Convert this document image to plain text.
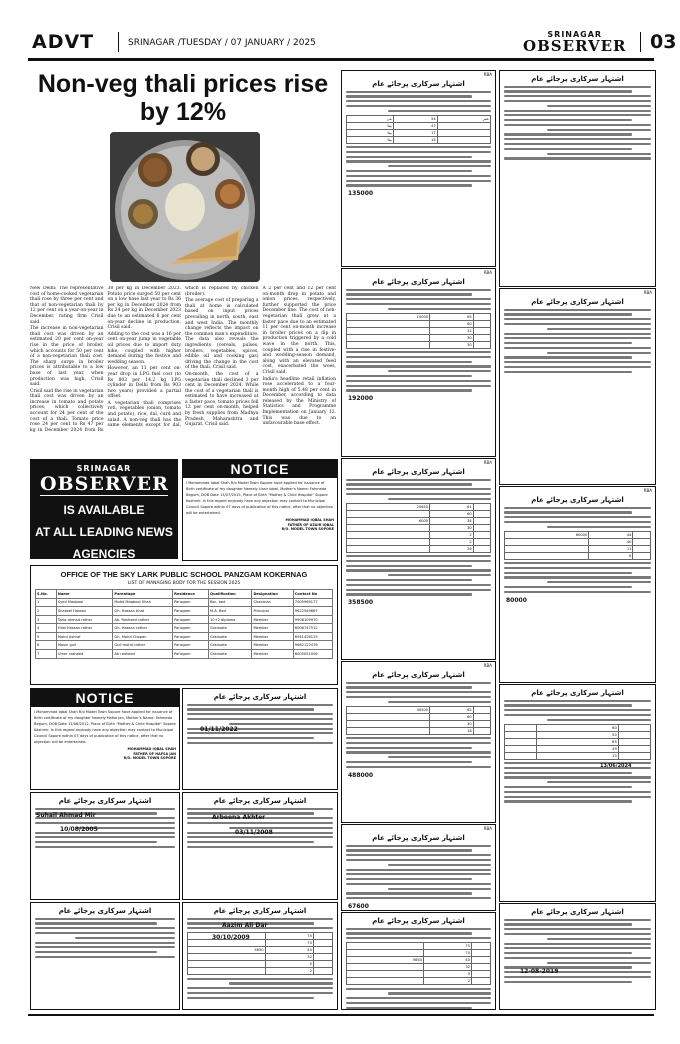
ADVT	SRINAGAR /TUESDAY / 07 JANUARY / 2025
SRINAGAR
OBSERVER 03
Non-veg thali prices rise by 12%

New Delhi: The representative cost of home-cooked vegetarian thali rose by three per cent and that of non-vegetarian thali by 12 per cent on a year-on-year in December, rating firm Crisil said.

The increase in non-vegetarian thali cost was driven by an estimated 20 per cent on-year rise in the price of broiler, which accounts for 50 per cent of a non-vegetarian thali cost. The sharp surge in broiler prices is attributable to a low base of last year, when production was high, Crisil said.

Crisil said the rise in vegetarian thali cost was driven by an increase in tomato and potato prices, which collectively account for 24 per cent of the cost of a thali. Tomato price rose 24 per cent to Rs 47 per kg in December 2024 from Rs 38 per kg in December 2023. Potato price surged 50 per cent on a low base last year to Rs 36 per kg in December 2024 from Rs 24 per kg in December 2023 due to an estimated 6 per cent on-year decline in production, Crisil said.

Adding to the cost was a 16 per cent on-year jump in vegetable oil prices due to import duty hike, coupled with higher demand during the festive and wedding season.

However, an 11 per cent on-year drop in LPG fuel cost (to Rs 803 per 14.2 kg LPG cylinder in Delhi from Rs 903 two years) provided a partial offset.

A vegetarian thali comprises roti, vegetables (onion, tomato and potato), rice, dal, curd and salad. A non-veg thali has the same elements except for dal, which is replaced by chicken (broiler).

The average cost of preparing a thali at home is calculated based on input prices prevailing in north, south, east and west India. The monthly change reflects the impact on the common man's expenditure. The data also reveals the ingredients (cereals, pulses, broilers, vegetables, spices, edible oil and cooking gas) driving the change in the cost of the thali, Crisil said.

On-month, the cost of a vegetarian thali declined 3 per cent in December 2024. While the cost of a vegetarian thali is estimated to have increased at a faster pace, tomato prices fell 12 per cent on-month, helped by fresh supplies from Madhya Pradesh, Maharashtra and Gujarat, Crisil said.

A 2 per cent and 12 per cent on-month drop in potato and onion prices, respectively, further supported the price December line. The cost of non-vegetarian thali grew at a faster pace due to an estimated 11 per cent on-month increase in broiler prices on a dip in production triggered by a cold wave in the north. This, coupled with a rise in festive- and wedding-season demand, along with an elevated feed cost, exacerbated the woes, Crisil said.

India's headline retail inflation rose accelerated to a four-month high of 5.48 per cent in December, according to data released by the Ministry of Statistics and Programme Implementation on January 12. This was due to an unfavourable base effect.

SRINAGAR
OBSERVER
IS AVAILABLE
AT ALL LEADING NEWS
AGENCIES
NOTICE
I Mohammad Iqbal Shah R/o Model Town Sopore have applied for issuance of Birth certificate of my daughter Namely Uzair Iqbal, Mother's Name: Fahmeda Begum, DOB Date 13/07/2015, Place of Birth "Mother & Child Hospital" Sopore Kashmir. In this regard anybody have any objection may contact to Municipal Council Sopore within 07 days of publication of this notice, after that no objection will be entertained.
MOHAMMAD IQBAL SHAH
FATHER OF UZAIR IQBAL
R/O. MODEL TOWN SOPORE
OFFICE OF THE SKY LARK PUBLIC SCHOOL PANZGAM KOKERNAG
LIST OF MANAGING BODY FOR THE SESSION 2025
S.No.	Name	Parentage	Residence	Qualification	Designation	Contact No
1	Syed Maqbool	Mohd Maqbool Shah	Panzgam	Bsc, bed	Chairman	7005969177
2	Shakeel Hassan	Gh. Hassan bhat	Panzgam	M.A, Bed	Principal	9622549667
3	Tariq ahmad rather	Ab. Rasheed rather	Panzgam	10+2 diploma	Member	9906109970
4	Hilal Hassan rather	Gh. Hassan rather	Panzgam	Graduate	Member	6006747512
5	Mohd Ashraf	Gh. Mohd Chopan	Panzgam	Graduate	Member	6941426125
6	Mosin gull	Gull mohd rather	Panzgam	Graduate	Member	9682122476
7	Umer rasheed	Ab rasheed	Panzgam	Graduate	Member	6005051006
NOTICE
I Mohammad Iqbal Shah R/o Model Town Sopore have applied for issuance of Birth certificate of my daughter Namely Hafsa Jan, Mother's Name: Fahmeda Begum, DOB Date 11/06/2012, Place of Birth "Mother & Child Hospital" Sopore Kashmir. In this regard anybody have any objection may contact to Municipal Council Sopore within 07 days of publication of this notice, after that no objection will be entertained.
MOHAMMAD IQBAL SHAH
FATHER OF HAFSA JAN
R/O. MODEL TOWN SOPORE
RBA
اشتہار سرکاری پرجائے عام
بٹی	54	عمر
بیٹا	47	
بیٹا	17	
بیٹا	14	
135000
RBA
اشتہار سرکاری پرجائے عام
10000	65	
	60	
	32	
	30	
	30	
192000
RBA
اشتہار سرکاری پرجائے عام
20650	61	
	60	
6000	34	
	30	
	2	
	2	
	26	
358500
RBA
اشتہار سرکاری پرجائے عام
40500	62	
	60	
	30	
	18	
488000
RBA
اشتہار سرکاری پرجائے عام
67600
اشتہار سرکاری پرجائے عام
	75	
	70	
5650	40	
	32	
	5	
	2	
اشتہار سرکاری پرجائے عام
RBA
اشتہار سرکاری پرجائے عام
RBA
اشتہار سرکاری پرجائے عام
60000	44	
	40	
	11	
	8	
80000
اشتہار سرکاری پرجائے عام
	60	
	50	
	65	
	49	
	13	
اشتہار سرکاری پرجائے عام
اشتہار سرکاری پرجائے عام
اشتہار سرکاری پرجائے عام	اشتہار سرکاری پرجائے عام
اشتہار سرکاری پرجائے عام	اشتہار سرکاری پرجائے عام
	75	
	70	
5650	40	
	32	
	5	
	2	
Suhail Ahmad Mir
10/08/2005
Arbeena Akhter
03/11/2008
Aazim Ali Dar
30/10/2009
01/11/2022
13/06/2024
12-08-2019
